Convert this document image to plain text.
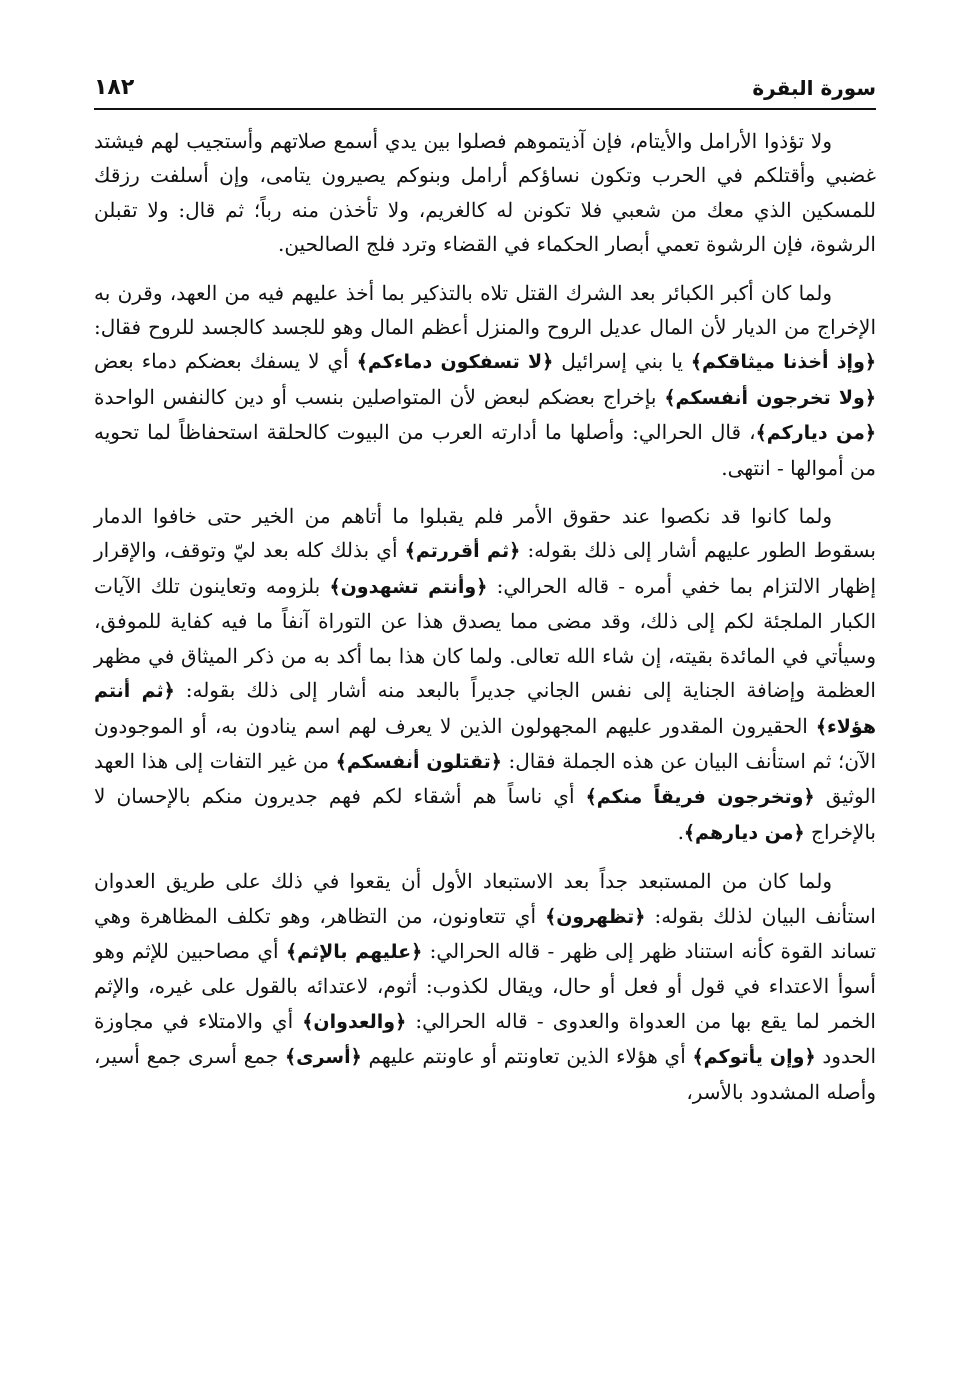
سورة البقرة
١٨٢

ولا تؤذوا الأرامل والأيتام، فإن آذيتموهم فصلوا بين يدي أسمع صلاتهم وأستجيب لهم فيشتد غضبي وأقتلكم في الحرب وتكون نساؤكم أرامل وبنوكم يصيرون يتامى، وإن أسلفت رزقك للمسكين الذي معك من شعبي فلا تكونن له كالغريم، ولا تأخذن منه رباً؛ ثم قال: ولا تقبلن الرشوة، فإن الرشوة تعمي أبصار الحكماء في القضاء وترد فلج الصالحين.

ولما كان أكبر الكبائر بعد الشرك القتل تلاه بالتذكير بما أخذ عليهم فيه من العهد، وقرن به الإخراج من الديار لأن المال عديل الروح والمنزل أعظم المال وهو للجسد كالجسد للروح فقال: ﴿وإذ أخذنا ميثاقكم﴾ يا بني إسرائيل ﴿لا تسفكون دماءكم﴾ أي لا يسفك بعضكم دماء بعض ﴿ولا تخرجون أنفسكم﴾ بإخراج بعضكم لبعض لأن المتواصلين بنسب أو دين كالنفس الواحدة ﴿من دياركم﴾، قال الحرالي: وأصلها ما أدارته العرب من البيوت كالحلقة استحفاظاً لما تحويه من أموالها - انتهى.

ولما كانوا قد نكصوا عند حقوق الأمر فلم يقبلوا ما أتاهم من الخير حتى خافوا الدمار بسقوط الطور عليهم أشار إلى ذلك بقوله: ﴿ثم أقررتم﴾ أي بذلك كله بعد ليّ وتوقف، والإقرار إظهار الالتزام بما خفي أمره - قاله الحرالي: ﴿وأنتم تشهدون﴾ بلزومه وتعاينون تلك الآيات الكبار الملجئة لكم إلى ذلك، وقد مضى مما يصدق هذا عن التوراة آنفاً ما فيه كفاية للموفق، وسيأتي في المائدة بقيته، إن شاء الله تعالى. ولما كان هذا بما أكد به من ذكر الميثاق في مظهر العظمة وإضافة الجناية إلى نفس الجاني جديراً بالبعد منه أشار إلى ذلك بقوله: ﴿ثم أنتم هؤلاء﴾ الحقيرون المقدور عليهم المجهولون الذين لا يعرف لهم اسم ينادون به، أو الموجودون الآن؛ ثم استأنف البيان عن هذه الجملة فقال: ﴿تقتلون أنفسكم﴾ من غير التفات إلى هذا العهد الوثيق ﴿وتخرجون فريقاً منكم﴾ أي ناساً هم أشقاء لكم فهم جديرون منكم بالإحسان لا بالإخراج ﴿من ديارهم﴾.

ولما كان من المستبعد جداً بعد الاستبعاد الأول أن يقعوا في ذلك على طريق العدوان استأنف البيان لذلك بقوله: ﴿تظهرون﴾ أي تتعاونون، من التظاهر، وهو تكلف المظاهرة وهي تساند القوة كأنه استناد ظهر إلى ظهر - قاله الحرالي: ﴿عليهم بالإثم﴾ أي مصاحبين للإثم وهو أسوأ الاعتداء في قول أو فعل أو حال، ويقال لكذوب: أثوم، لاعتدائه بالقول على غيره، والإثم الخمر لما يقع بها من العدواة والعدوى - قاله الحرالي: ﴿والعدوان﴾ أي والامتلاء في مجاوزة الحدود ﴿وإن يأتوكم﴾ أي هؤلاء الذين تعاونتم أو عاونتم عليهم ﴿أسرى﴾ جمع أسرى جمع أسير، وأصله المشدود بالأسر،
